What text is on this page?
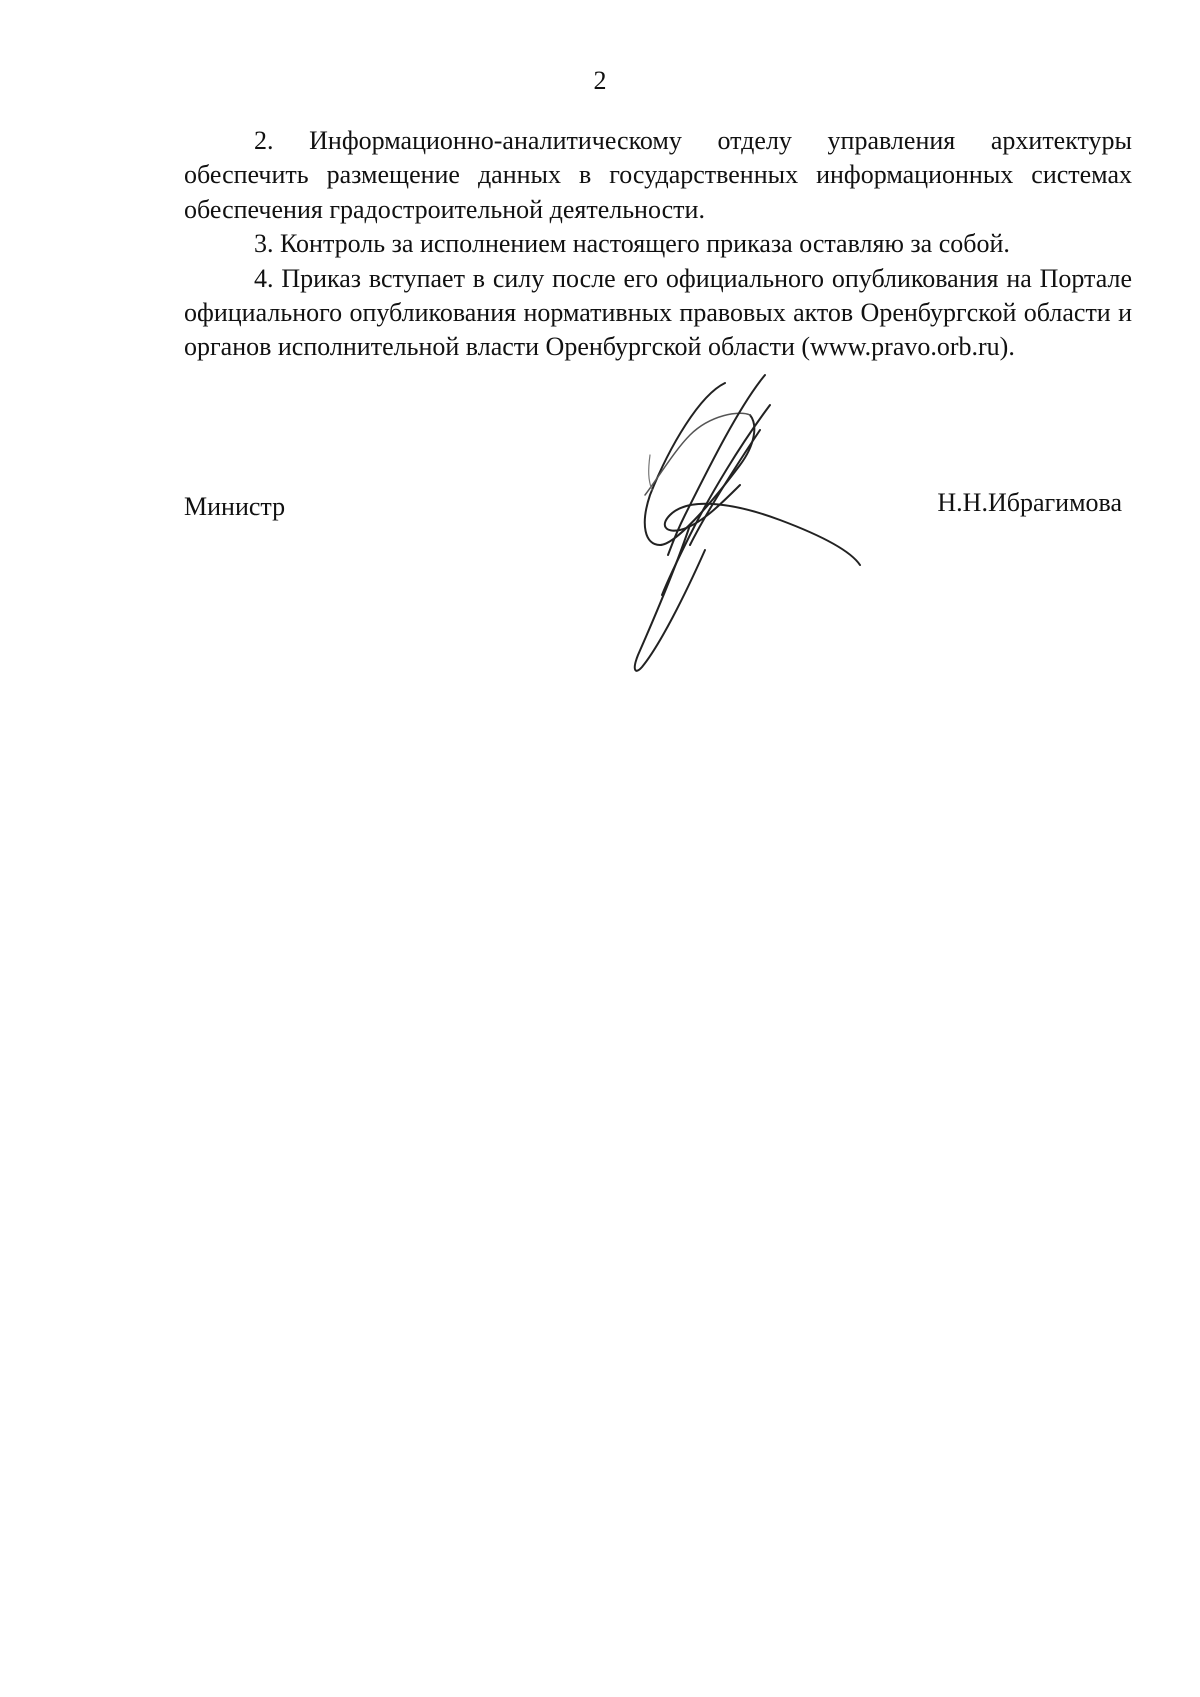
2

2. Информационно-аналитическому отделу управления архитектуры обеспечить размещение данных в государственных информационных системах обеспечения градостроительной деятельности.

3. Контроль за исполнением настоящего приказа оставляю за собой.

4. Приказ вступает в силу после его официального опубликования на Портале официального опубликования нормативных правовых актов Оренбургской области и органов исполнительной власти Оренбургской области (www.pravo.orb.ru).

Министр	Н.Н.Ибрагимова
